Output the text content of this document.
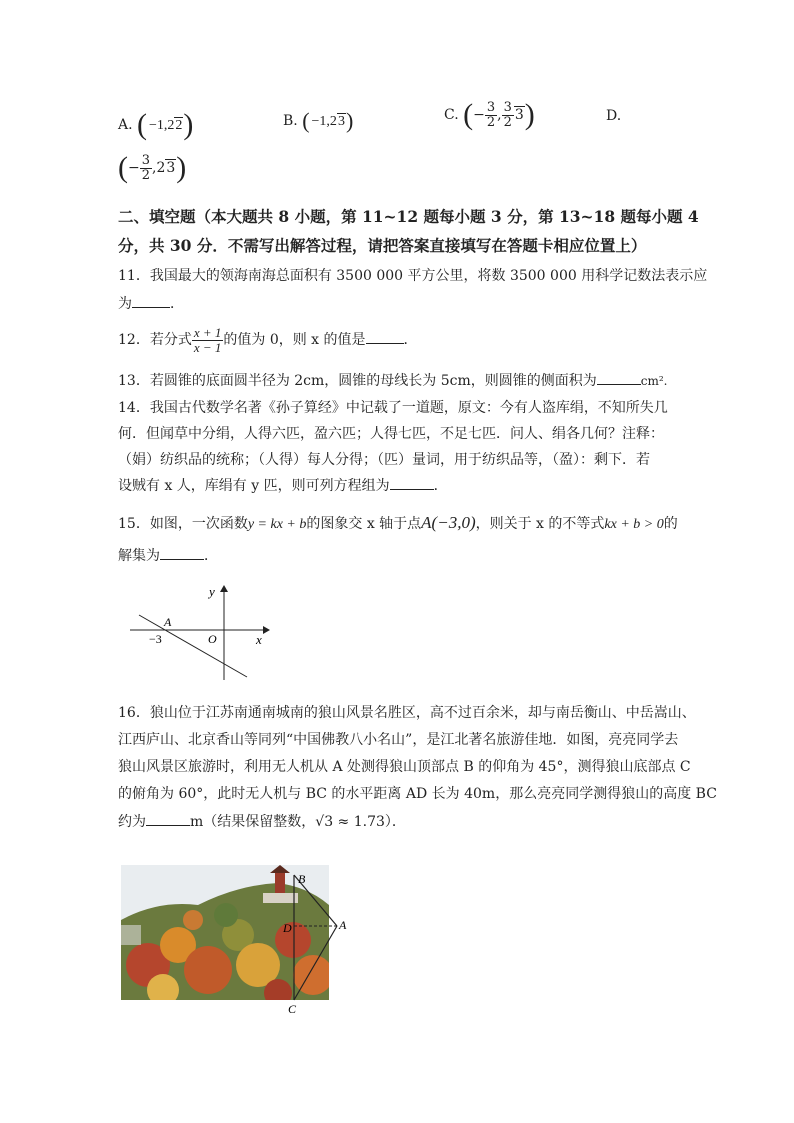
A. ( −1,22)	B. ( −1,23)	C. (− $\frac{3}{2}$ , $\frac{3}{2} 3$)	D.
(− $\frac{3}{2} ,23$)
二、填空题（本大题共 8 小题，第 11~12 题每小题 3 分，第 13~18 题每小题 4
分，共 30 分．不需写出解答过程，请把答案直接填写在答题卡相应位置上）
11．我国最大的领海南海总面积有 3500 000 平方公里，将数 3500 000 用科学记数法表示应
为	．
12．若分式 $\frac{x + 1}{x - 1}$ 的值为 0，则 x 的值是	．
13．若圆锥的底面圆半径为 2cm，圆锥的母线长为 5cm，则圆锥的侧面积为	cm².
14．我国古代数学名著《孙子算经》中记载了一道题，原文：今有人盗库绢，不知所失几
何．但闻草中分绢，人得六匹，盈六匹；人得七匹，不足七匹．问人、绢各几何？注释：
（娟）纺织品的统称；（人得）每人分得；（匹）量词，用于纺织品等，（盈）：剩下．若
设贼有 x 人，库绢有 y 匹，则可列方程组为	．
15．如图，一次函数y = kx + b的图象交 x 轴于点A(−3,0)，则关于 x 的不等式kx + b > 0的
解集为	．
y
x
O
A
−3
16．狼山位于江苏南通南城南的狼山风景名胜区，高不过百余米，却与南岳衡山、中岳嵩山、
江西庐山、北京香山等同列“中国佛教八小名山”，是江北著名旅游佳地．如图，亮亮同学去
狼山风景区旅游时，利用无人机从 A 处测得狼山顶部点 B 的仰角为 45°，测得狼山底部点 C
的俯角为 60°，此时无人机与 BC 的水平距离 AD 长为 40m，那么亮亮同学测得狼山的高度 BC
约为	m（结果保留整数，√3 ≈ 1.73）．
B
D	A
C
